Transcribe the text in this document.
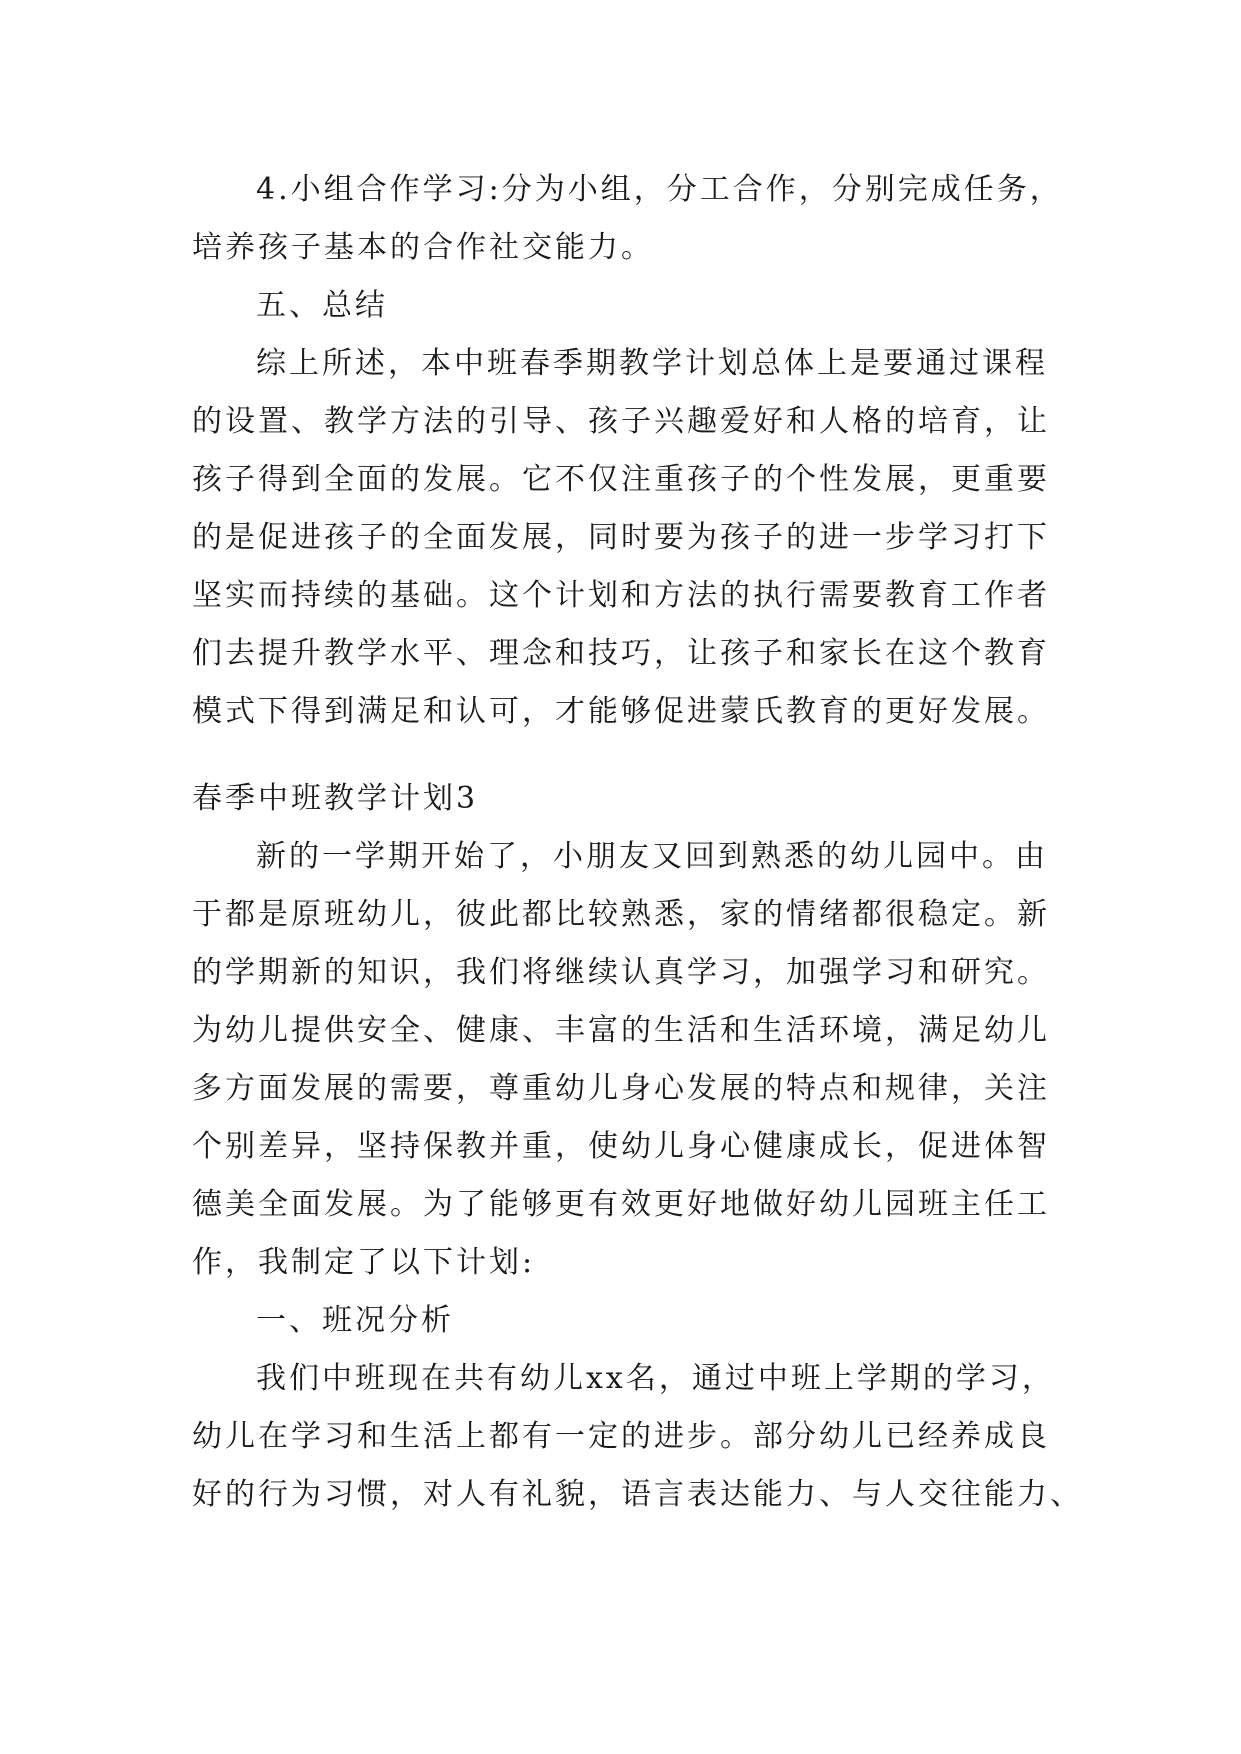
4.小组合作学习:分为小组，分工合作，分别完成任务，
培养孩子基本的合作社交能力。
五、总结
综上所述，本中班春季期教学计划总体上是要通过课程
的设置、教学方法的引导、孩子兴趣爱好和人格的培育，让
孩子得到全面的发展。它不仅注重孩子的个性发展，更重要
的是促进孩子的全面发展，同时要为孩子的进一步学习打下
坚实而持续的基础。这个计划和方法的执行需要教育工作者
们去提升教学水平、理念和技巧，让孩子和家长在这个教育
模式下得到满足和认可，才能够促进蒙氏教育的更好发展。
春季中班教学计划3
新的一学期开始了，小朋友又回到熟悉的幼儿园中。由
于都是原班幼儿，彼此都比较熟悉，家的情绪都很稳定。新
的学期新的知识，我们将继续认真学习，加强学习和研究。
为幼儿提供安全、健康、丰富的生活和生活环境，满足幼儿
多方面发展的需要，尊重幼儿身心发展的特点和规律，关注
个别差异，坚持保教并重，使幼儿身心健康成长，促进体智
德美全面发展。为了能够更有效更好地做好幼儿园班主任工
作，我制定了以下计划:
一、班况分析
我们中班现在共有幼儿xx名，通过中班上学期的学习，
幼儿在学习和生活上都有一定的进步。部分幼儿已经养成良
好的行为习惯，对人有礼貌，语言表达能力、与人交往能力、
